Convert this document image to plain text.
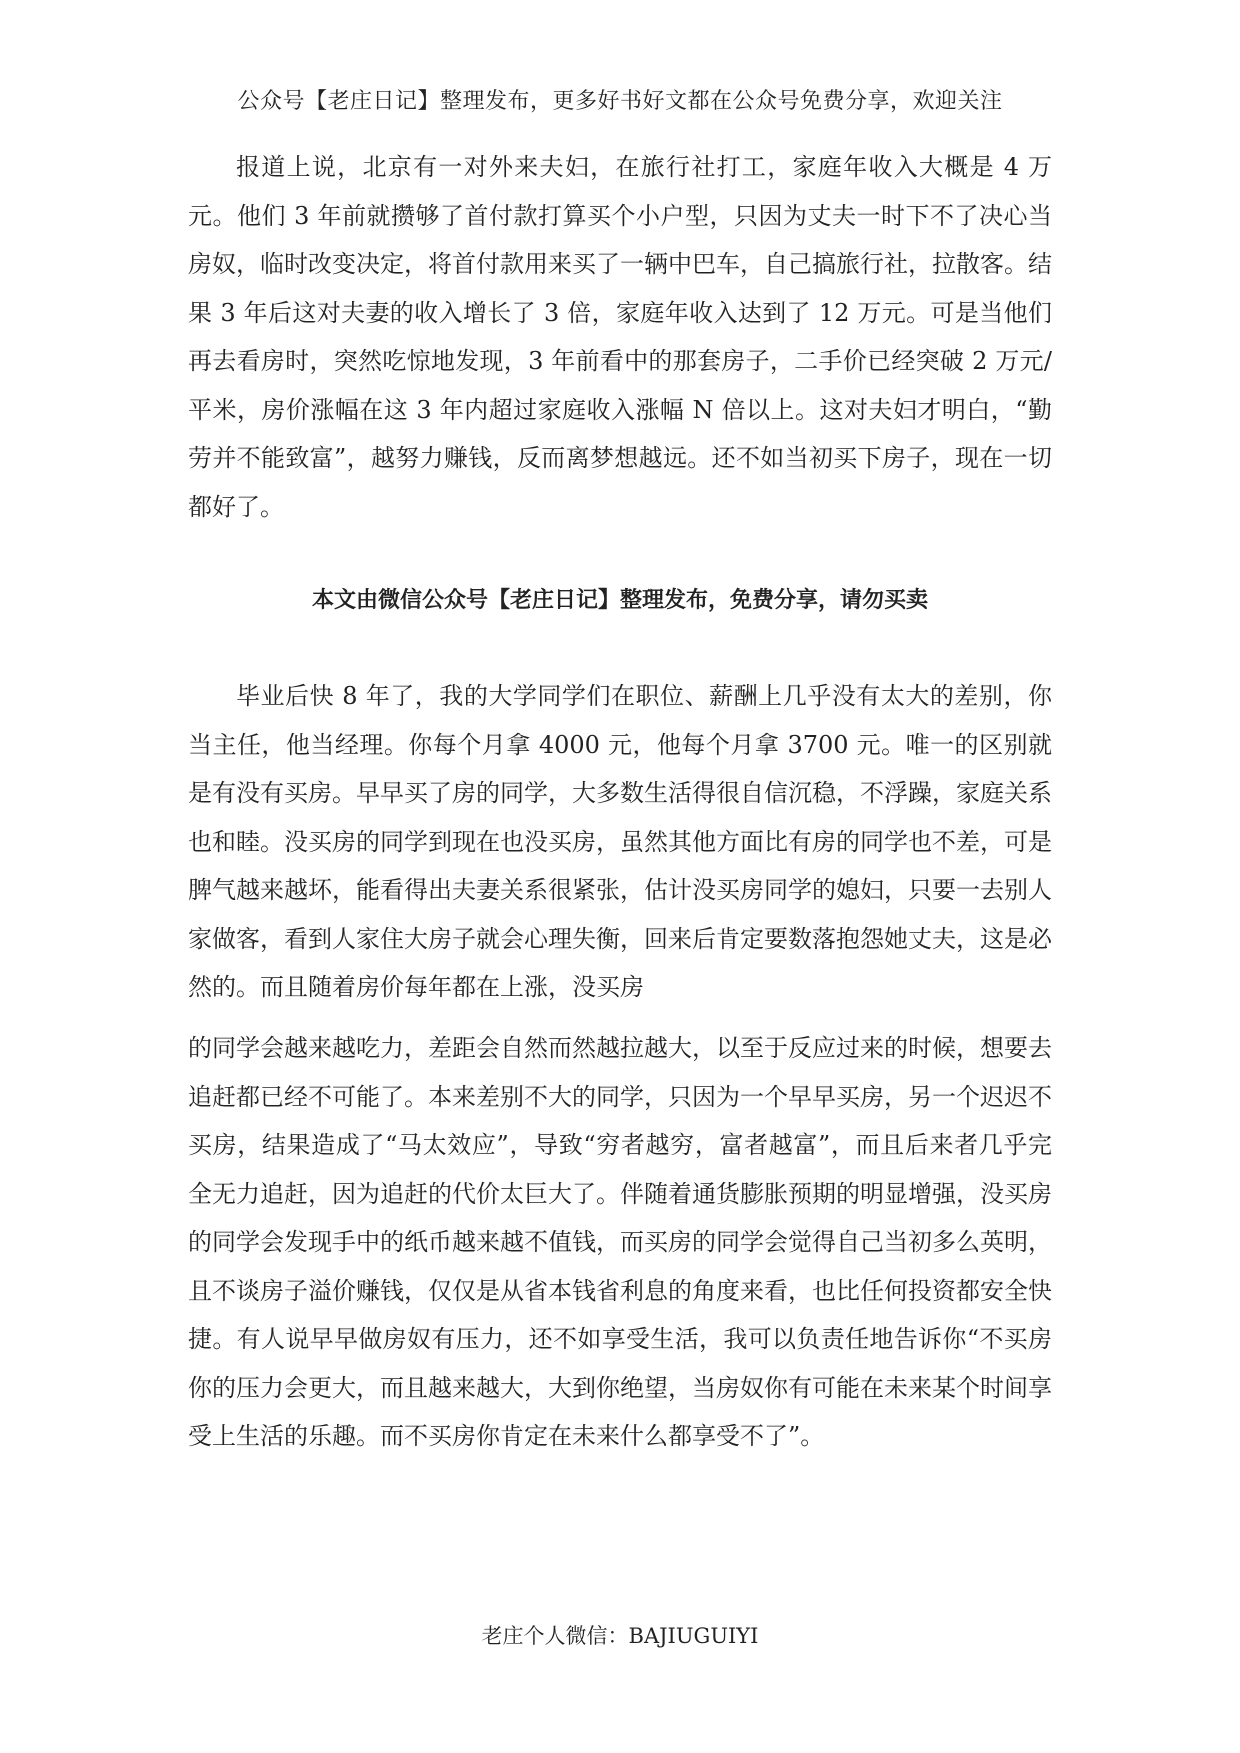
公众号【老庄日记】整理发布，更多好书好文都在公众号免费分享，欢迎关注

报道上说，北京有一对外来夫妇，在旅行社打工，家庭年收入大概是 4 万元。他们 3 年前就攒够了首付款打算买个小户型，只因为丈夫一时下不了决心当房奴，临时改变决定，将首付款用来买了一辆中巴车，自己搞旅行社，拉散客。结果 3 年后这对夫妻的收入增长了 3 倍，家庭年收入达到了 12 万元。可是当他们再去看房时，突然吃惊地发现，3 年前看中的那套房子，二手价已经突破 2 万元/平米，房价涨幅在这 3 年内超过家庭收入涨幅 N 倍以上。这对夫妇才明白，“勤劳并不能致富”，越努力赚钱，反而离梦想越远。还不如当初买下房子，现在一切都好了。

本文由微信公众号【老庄日记】整理发布，免费分享，请勿买卖

毕业后快 8 年了，我的大学同学们在职位、薪酬上几乎没有太大的差别，你当主任，他当经理。你每个月拿 4000 元，他每个月拿 3700 元。唯一的区别就是有没有买房。早早买了房的同学，大多数生活得很自信沉稳，不浮躁，家庭关系也和睦。没买房的同学到现在也没买房，虽然其他方面比有房的同学也不差，可是脾气越来越坏，能看得出夫妻关系很紧张，估计没买房同学的媳妇，只要一去别人家做客，看到人家住大房子就会心理失衡，回来后肯定要数落抱怨她丈夫，这是必然的。而且随着房价每年都在上涨，没买房

的同学会越来越吃力，差距会自然而然越拉越大，以至于反应过来的时候，想要去追赶都已经不可能了。本来差别不大的同学，只因为一个早早买房，另一个迟迟不买房，结果造成了“马太效应”，导致“穷者越穷，富者越富”，而且后来者几乎完全无力追赶，因为追赶的代价太巨大了。伴随着通货膨胀预期的明显增强，没买房的同学会发现手中的纸币越来越不值钱，而买房的同学会觉得自己当初多么英明，且不谈房子溢价赚钱，仅仅是从省本钱省利息的角度来看，也比任何投资都安全快捷。有人说早早做房奴有压力，还不如享受生活，我可以负责任地告诉你“不买房你的压力会更大，而且越来越大，大到你绝望，当房奴你有可能在未来某个时间享受上生活的乐趣。而不买房你肯定在未来什么都享受不了”。

老庄个人微信：BAJIUGUIYI
